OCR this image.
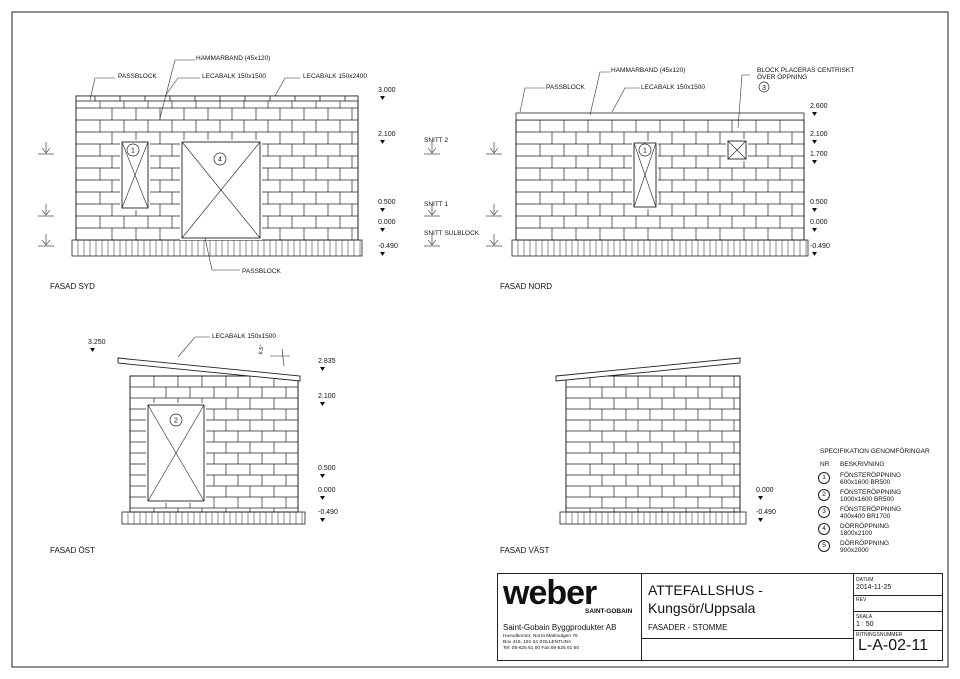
1
4
1
3
2
3.000
2.100
0.500
0.000
-0.490
2.600
2.100
1.700
0.500
0.000
-0.490
3.250
2.835
2.100
0.500
0.000
-0.490
0.000
-0.490
FASAD SYD	FASAD NORD
FASAD ÖST	FASAD VÄST
HAMMARBAND (45x120)
PASSBLOCK	LECABALK 150x1500	LECABALK 150x2400
PASSBLOCK
PASSBLOCK
HAMMARBAND (45x120)
LECABALK 150x1500
BLOCK PLACERAS CENTRISKT
ÖVER ÖPPNING
LECABALK 150x1500
6.5°
SNITT 2
SNITT 1
SNITT SULBLOCK
SPECIFIKATION GENOMFÖRINGAR
NR BESKRIVNING
1	FÖNSTERÖPPNING
600x1600 BR500
2	FÖNSTERÖPPNING
1000x1600 BR500
3	FÖNSTERÖPPNING
400x400 BR1700
4	DÖRRÖPPNING
1800x2100
5	DÖRRÖPPNING
900x2000
weber
SAINT-GOBAIN
Saint-Gobain Byggprodukter AB
Huvudkontor: Norra Malmvägen 76
Box 415, 191 24 SOLLENTUNA
Tel: 08-625 61 00 Fax:08-625 61 60
ATTEFALLSHUS -
Kungsör/Uppsala
FASADER - STOMME
DATUM
2014-11-25
REV
SKALA
1 : 50
RITNINGSNUMMER
L-A-02-11
